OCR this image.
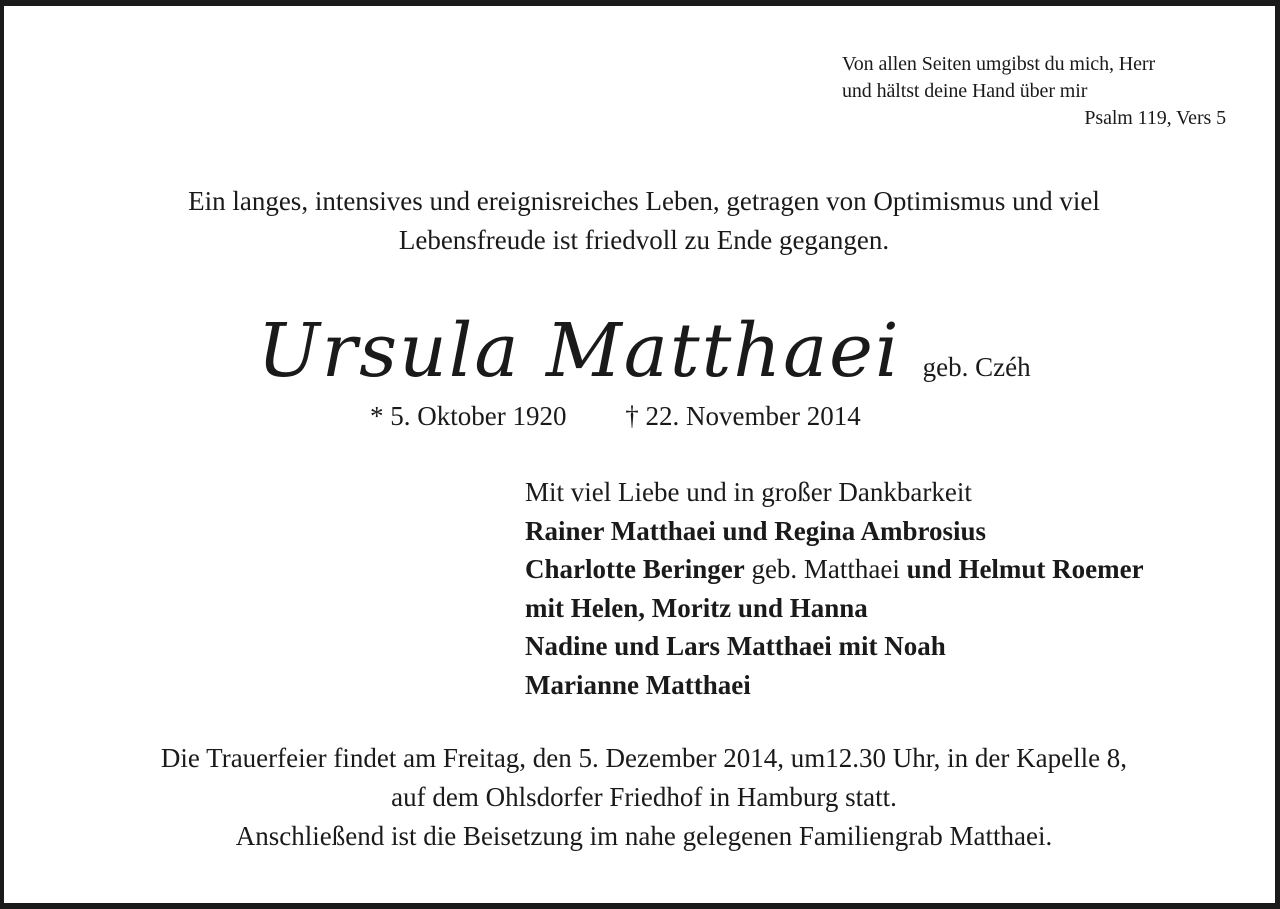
Von allen Seiten umgibst du mich, Herr
und hältst deine Hand über mir
Psalm 119, Vers 5
Ein langes, intensives und ereignisreiches Leben, getragen von Optimismus und viel
Lebensfreude ist friedvoll zu Ende gegangen.
Ursula Matthaei geb. Czéh
* 5. Oktober 1920 † 22. November 2014
Mit viel Liebe und in großer Dankbarkeit
Rainer Matthaei und Regina Ambrosius
Charlotte Beringer geb. Matthaei und Helmut Roemer
mit Helen, Moritz und Hanna
Nadine und Lars Matthaei mit Noah
Marianne Matthaei
Die Trauerfeier findet am Freitag, den 5. Dezember 2014, um12.30 Uhr, in der Kapelle 8,
auf dem Ohlsdorfer Friedhof in Hamburg statt.
Anschließend ist die Beisetzung im nahe gelegenen Familiengrab Matthaei.
